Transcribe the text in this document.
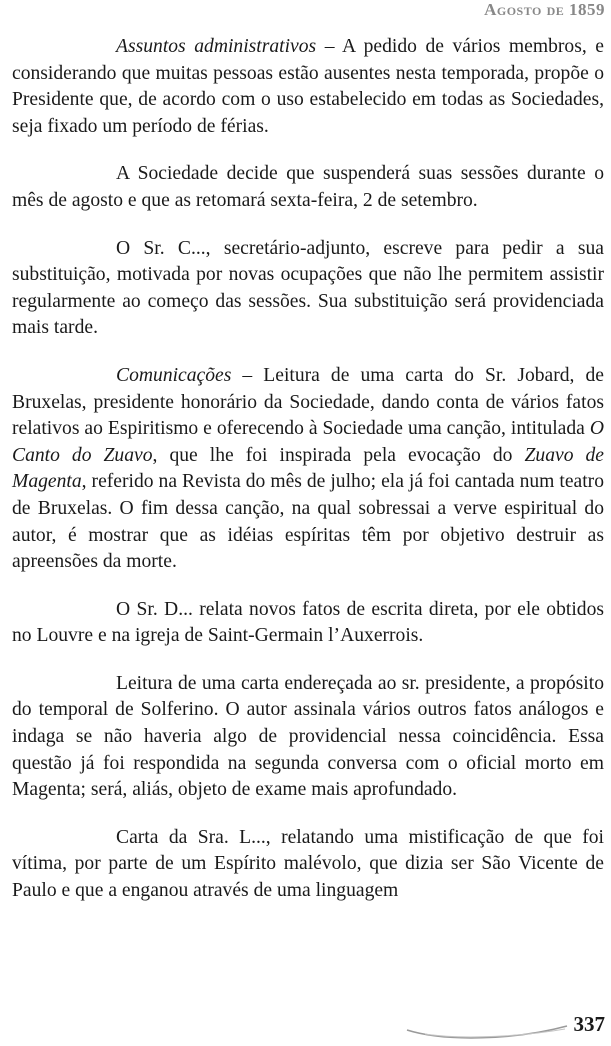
Agosto de 1859

Assuntos administrativos – A pedido de vários membros, e considerando que muitas pessoas estão ausentes nesta temporada, propõe o Presidente que, de acordo com o uso estabelecido em todas as Sociedades, seja fixado um período de férias.

A Sociedade decide que suspenderá suas sessões durante o mês de agosto e que as retomará sexta-feira, 2 de setembro.

O Sr. C..., secretário-adjunto, escreve para pedir a sua substituição, motivada por novas ocupações que não lhe permitem assistir regularmente ao começo das sessões. Sua substituição será providenciada mais tarde.

Comunicações – Leitura de uma carta do Sr. Jobard, de Bruxelas, presidente honorário da Sociedade, dando conta de vários fatos relativos ao Espiritismo e oferecendo à Sociedade uma canção, intitulada O Canto do Zuavo, que lhe foi inspirada pela evocação do Zuavo de Magenta, referido na Revista do mês de julho; ela já foi cantada num teatro de Bruxelas. O fim dessa canção, na qual sobressai a verve espiritual do autor, é mostrar que as idéias espíritas têm por objetivo destruir as apreensões da morte.

O Sr. D... relata novos fatos de escrita direta, por ele obtidos no Louvre e na igreja de Saint-Germain l’Auxerrois.

Leitura de uma carta endereçada ao sr. presidente, a propósito do temporal de Solferino. O autor assinala vários outros fatos análogos e indaga se não haveria algo de providencial nessa coincidência. Essa questão já foi respondida na segunda conversa com o oficial morto em Magenta; será, aliás, objeto de exame mais aprofundado.

Carta da Sra. L..., relatando uma mistificação de que foi vítima, por parte de um Espírito malévolo, que dizia ser São Vicente de Paulo e que a enganou através de uma linguagem

337
